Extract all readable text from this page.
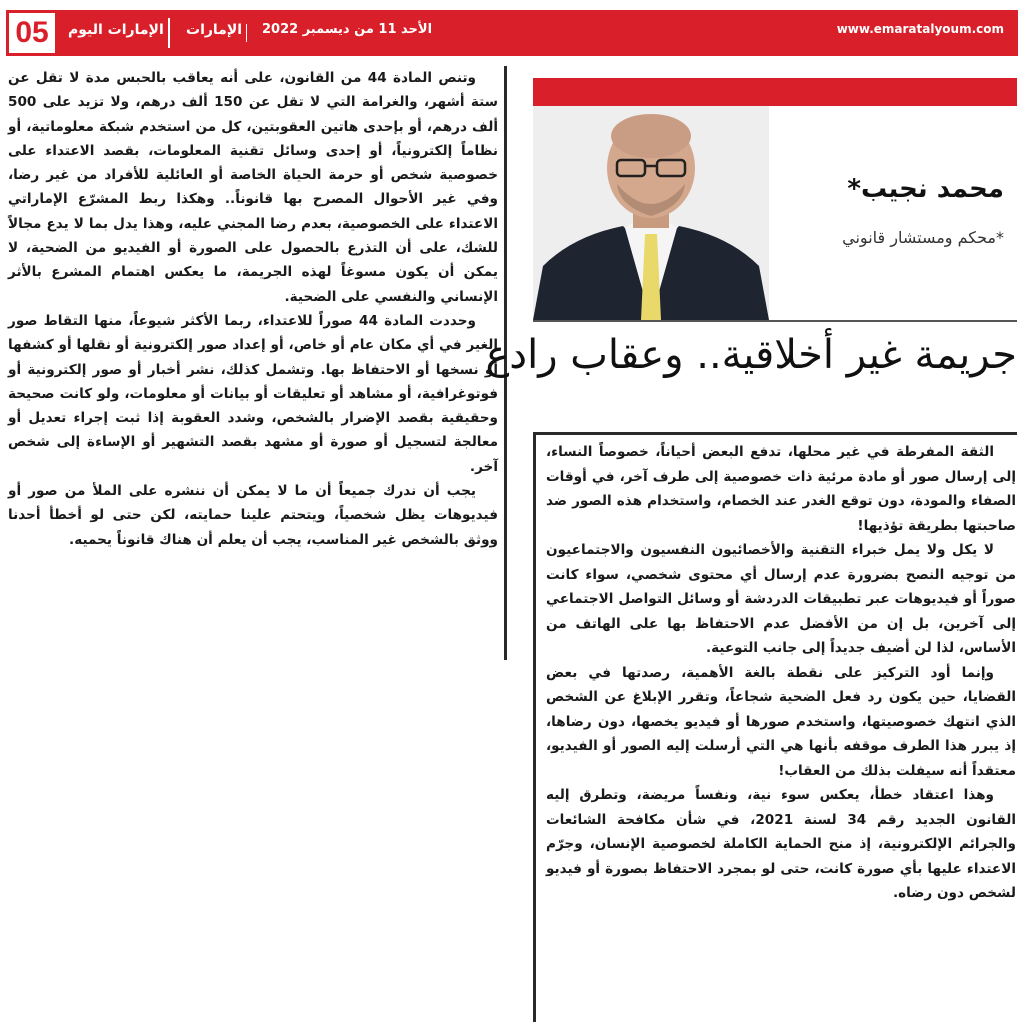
05	الإمارات اليوم الإمارات الأحد 11 من ديسمبر 2022	www.emaratalyoum.com

وتنص المادة 44 من القانون، على أنه يعاقب بالحبس مدة لا تقل عن ستة أشهر، والغرامة التي لا تقل عن 150 ألف درهم، ولا تزيد على 500 ألف درهم، أو بإحدى هاتين العقوبتين، كل من استخدم شبكة معلوماتية، أو نظاماً إلكترونياً، أو إحدى وسائل تقنية المعلومات، بقصد الاعتداء على خصوصية شخص أو حرمة الحياة الخاصة أو العائلية للأفراد من غير رضا، وفي غير الأحوال المصرح بها قانوناً.. وهكذا ربط المشرّع الإماراتي الاعتداء على الخصوصية، بعدم رضا المجني عليه، وهذا يدل بما لا يدع مجالاً للشك، على أن التذرع بالحصول على الصورة أو الفيديو من الضحية، لا يمكن أن يكون مسوغاً لهذه الجريمة، ما يعكس اهتمام المشرع بالأثر الإنساني والنفسي على الضحية.

وحددت المادة 44 صوراً للاعتداء، ربما الأكثر شيوعاً، منها التقاط صور الغير في أي مكان عام أو خاص، أو إعداد صور إلكترونية أو نقلها أو كشفها أو نسخها أو الاحتفاظ بها. وتشمل كذلك، نشر أخبار أو صور إلكترونية أو فوتوغرافية، أو مشاهد أو تعليقات أو بيانات أو معلومات، ولو كانت صحيحة وحقيقية بقصد الإضرار بالشخص، وشدد العقوبة إذا ثبت إجراء تعديل أو معالجة لتسجيل أو صورة أو مشهد بقصد التشهير أو الإساءة إلى شخص آخر.

يجب أن ندرك جميعاً أن ما لا يمكن أن ننشره على الملأ من صور أو فيديوهات يظل شخصياً، ويتحتم علينا حمايته، لكن حتى لو أخطأ أحدنا ووثق بالشخص غير المناسب، يجب أن يعلم أن هناك قانوناً يحميه.

محمد نجيب*
*محكم ومستشار قانوني
جريمة غير أخلاقية.. وعقاب رادع

الثقة المفرطة في غير محلها، تدفع البعض أحياناً، خصوصاً النساء، إلى إرسال صور أو مادة مرئية ذات خصوصية إلى طرف آخر، في أوقات الصفاء والمودة، دون توقع الغدر عند الخصام، واستخدام هذه الصور ضد صاحبتها بطريقة تؤذيها!

لا يكل ولا يمل خبراء التقنية والأخصائيون النفسيون والاجتماعيون من توجيه النصح بضرورة عدم إرسال أي محتوى شخصي، سواء كانت صوراً أو فيديوهات عبر تطبيقات الدردشة أو وسائل التواصل الاجتماعي إلى آخرين، بل إن من الأفضل عدم الاحتفاظ بها على الهاتف من الأساس، لذا لن أضيف جديداً إلى جانب التوعية.

وإنما أود التركيز على نقطة بالغة الأهمية، رصدتها في بعض القضايا، حين يكون رد فعل الضحية شجاعاً، وتقرر الإبلاغ عن الشخص الذي انتهك خصوصيتها، واستخدم صورها أو فيديو يخصها، دون رضاها، إذ يبرر هذا الطرف موقفه بأنها هي التي أرسلت إليه الصور أو الفيديو، معتقداً أنه سيفلت بذلك من العقاب!

وهذا اعتقاد خطأ، يعكس سوء نية، ونفساً مريضة، وتطرق إليه القانون الجديد رقم 34 لسنة 2021، في شأن مكافحة الشائعات والجرائم الإلكترونية، إذ منح الحماية الكاملة لخصوصية الإنسان، وجرّم الاعتداء عليها بأي صورة كانت، حتى لو بمجرد الاحتفاظ بصورة أو فيديو لشخص دون رضاه.
